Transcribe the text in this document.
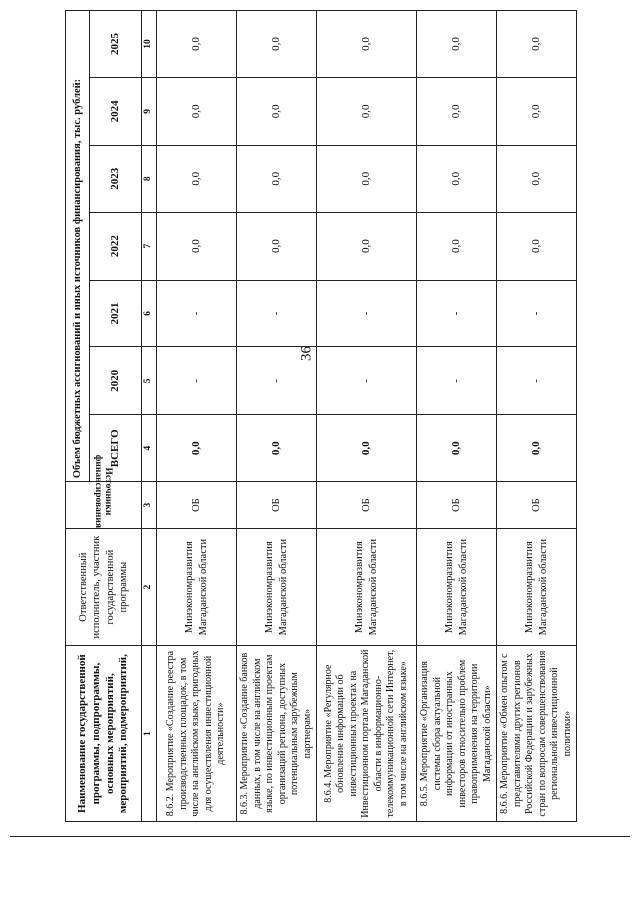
36
Наименование государственной программы, подпрограммы, основных мероприятий, мероприятий, подмероприятий,	Ответственный исполнитель, участник государственной программы	Источники финансирования	Объем бюджетных ассигнований и иных источников финансирования, тыс. рублей:						
			ВСЕГО	2020	2021	2022	2023	2024	2025
1	2	3	4	5	6	7	8	9	10
8.6.2. Мероприятие «Создание реестра производственных площадок, в том числе на английском языке, пригодных для осуществления инвестиционной деятельности»	Минэкономразвития Магаданской области	ОБ	0,0	-	-	0,0	0,0	0,0	0,0
8.6.3. Мероприятие «Создание банков данных, в том числе на английском языке, по инвестиционным проектам организаций региона, доступных потенциальным зарубежным партнерам»	Минэкономразвития Магаданской области	ОБ	0,0	-	-	0,0	0,0	0,0	0,0
8.6.4. Мероприятие «Регулярное обновление информации об инвестиционных проектах на Инвестиционном портале Магаданской области в информационно-телекоммуникационной сети Интернет, в том числе на английском языке»	Минэкономразвития Магаданской области	ОБ	0,0	-	-	0,0	0,0	0,0	0,0
8.6.5. Мероприятие «Организация системы сбора актуальной информации от иностранных инвесторов относительно проблем правоприменения на территории Магаданской области»	Минэкономразвития Магаданской области	ОБ	0,0	-	-	0,0	0,0	0,0	0,0
8.6.6. Мероприятие «Обмен опытом с представителями других регионов Российской Федерации и зарубежных стран по вопросам совершенствования региональной инвестиционной политики»	Минэкономразвития Магаданской области	ОБ	0,0	-	-	0,0	0,0	0,0	0,0
